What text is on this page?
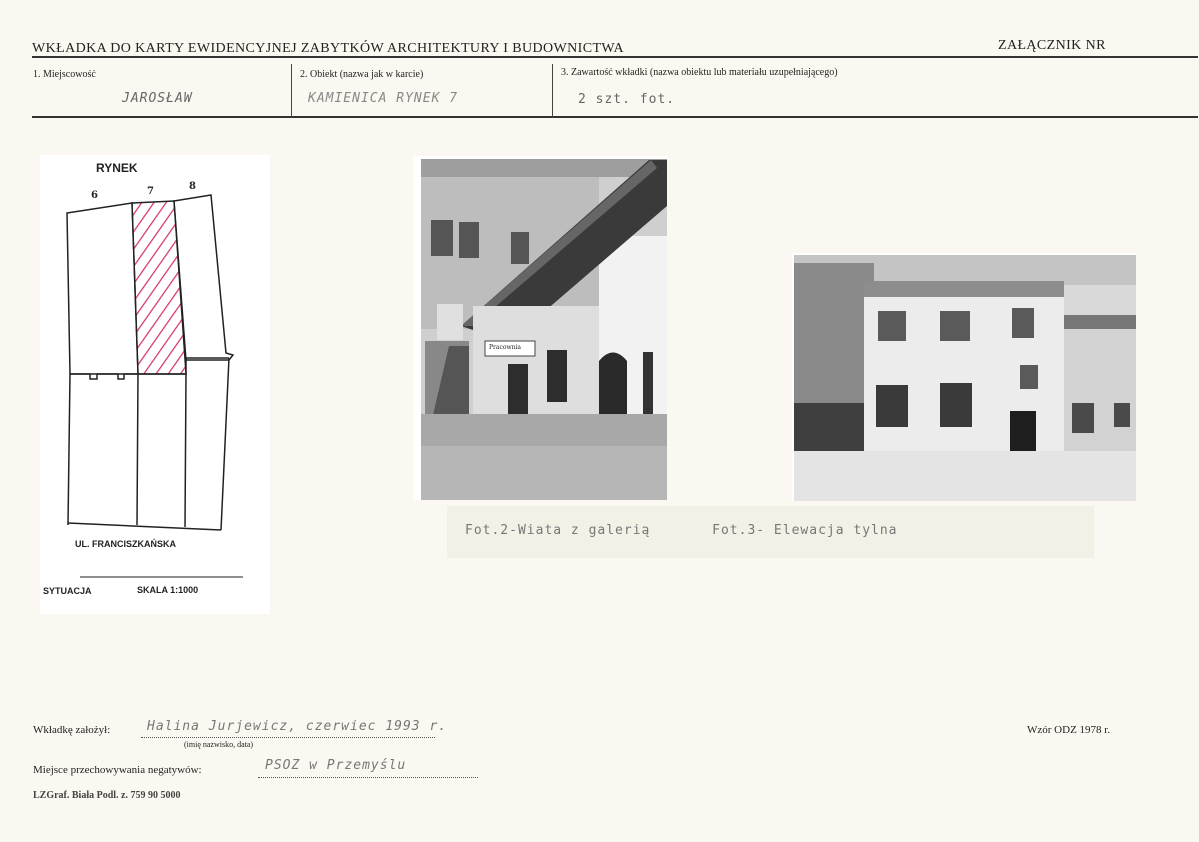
WKŁADKA DO KARTY EWIDENCYJNEJ ZABYTKÓW ARCHITEKTURY I BUDOWNICTWA	ZAŁĄCZNIK NR
1. Miejscowość
JAROSŁAW
2. Obiekt (nazwa jak w karcie)
KAMIENICA RYNEK 7
3. Zawartość wkładki (nazwa obiektu lub materiału uzupełniającego)
2 szt. fot.
RYNEK
6	7	8
UL. FRANCISZKAŃSKA
SYTUACJA	SKALA 1:1000
Pracownia
Fot.2-Wiata z galerią       Fot.3- Elewacja tylna
Wkładkę założył:	Halina Jurjewicz, czerwiec 1993 r.
(imię nazwisko, data)
Miejsce przechowywania negatywów:	PSOZ w Przemyślu
LZGraf. Biała Podl. z. 759 90 5000
Wzór ODZ 1978 r.
